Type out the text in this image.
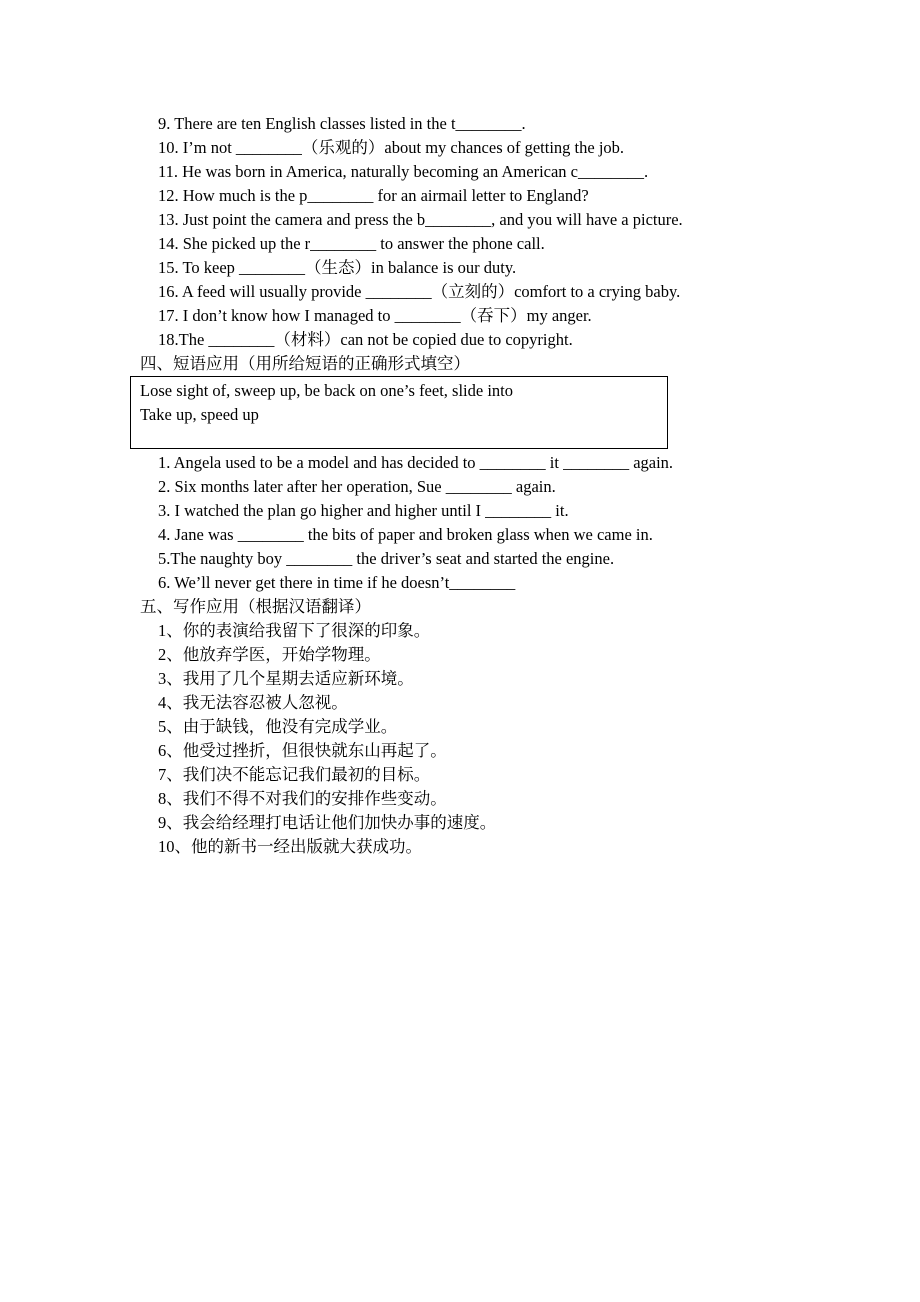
9. There are ten English classes listed in the t________.
10. I’m not ________（乐观的）about my chances of getting the job.
11. He was born in America, naturally becoming an American c________.
12. How much is the p________ for an airmail letter to England?
13. Just point the camera and press the b________, and you will have a picture.
14. She picked up the r________ to answer the phone call.
15. To keep ________（生态）in balance is our duty.
16. A feed will usually provide ________（立刻的）comfort to a crying baby.
17. I don’t know how I managed to ________（吞下）my anger.
18.The ________（材料）can not be copied due to copyright.
四、短语应用（用所给短语的正确形式填空）
Lose sight of, sweep up, be back on one’s feet, slide into
Take up, speed up
1. Angela used to be a model and has decided to ________ it ________ again.
2. Six months later after her operation, Sue ________ again.
3. I watched the plan go higher and higher until I ________ it.
4. Jane was ________ the bits of paper and broken glass when we came in.
5.The naughty boy ________ the driver’s seat and started the engine.
6. We’ll never get there in time if he doesn’t________
五、写作应用（根据汉语翻译）
1、你的表演给我留下了很深的印象。
2、他放弃学医，开始学物理。
3、我用了几个星期去适应新环境。
4、我无法容忍被人忽视。
5、由于缺钱，他没有完成学业。
6、他受过挫折，但很快就东山再起了。
7、我们决不能忘记我们最初的目标。
8、我们不得不对我们的安排作些变动。
9、我会给经理打电话让他们加快办事的速度。
10、他的新书一经出版就大获成功。
